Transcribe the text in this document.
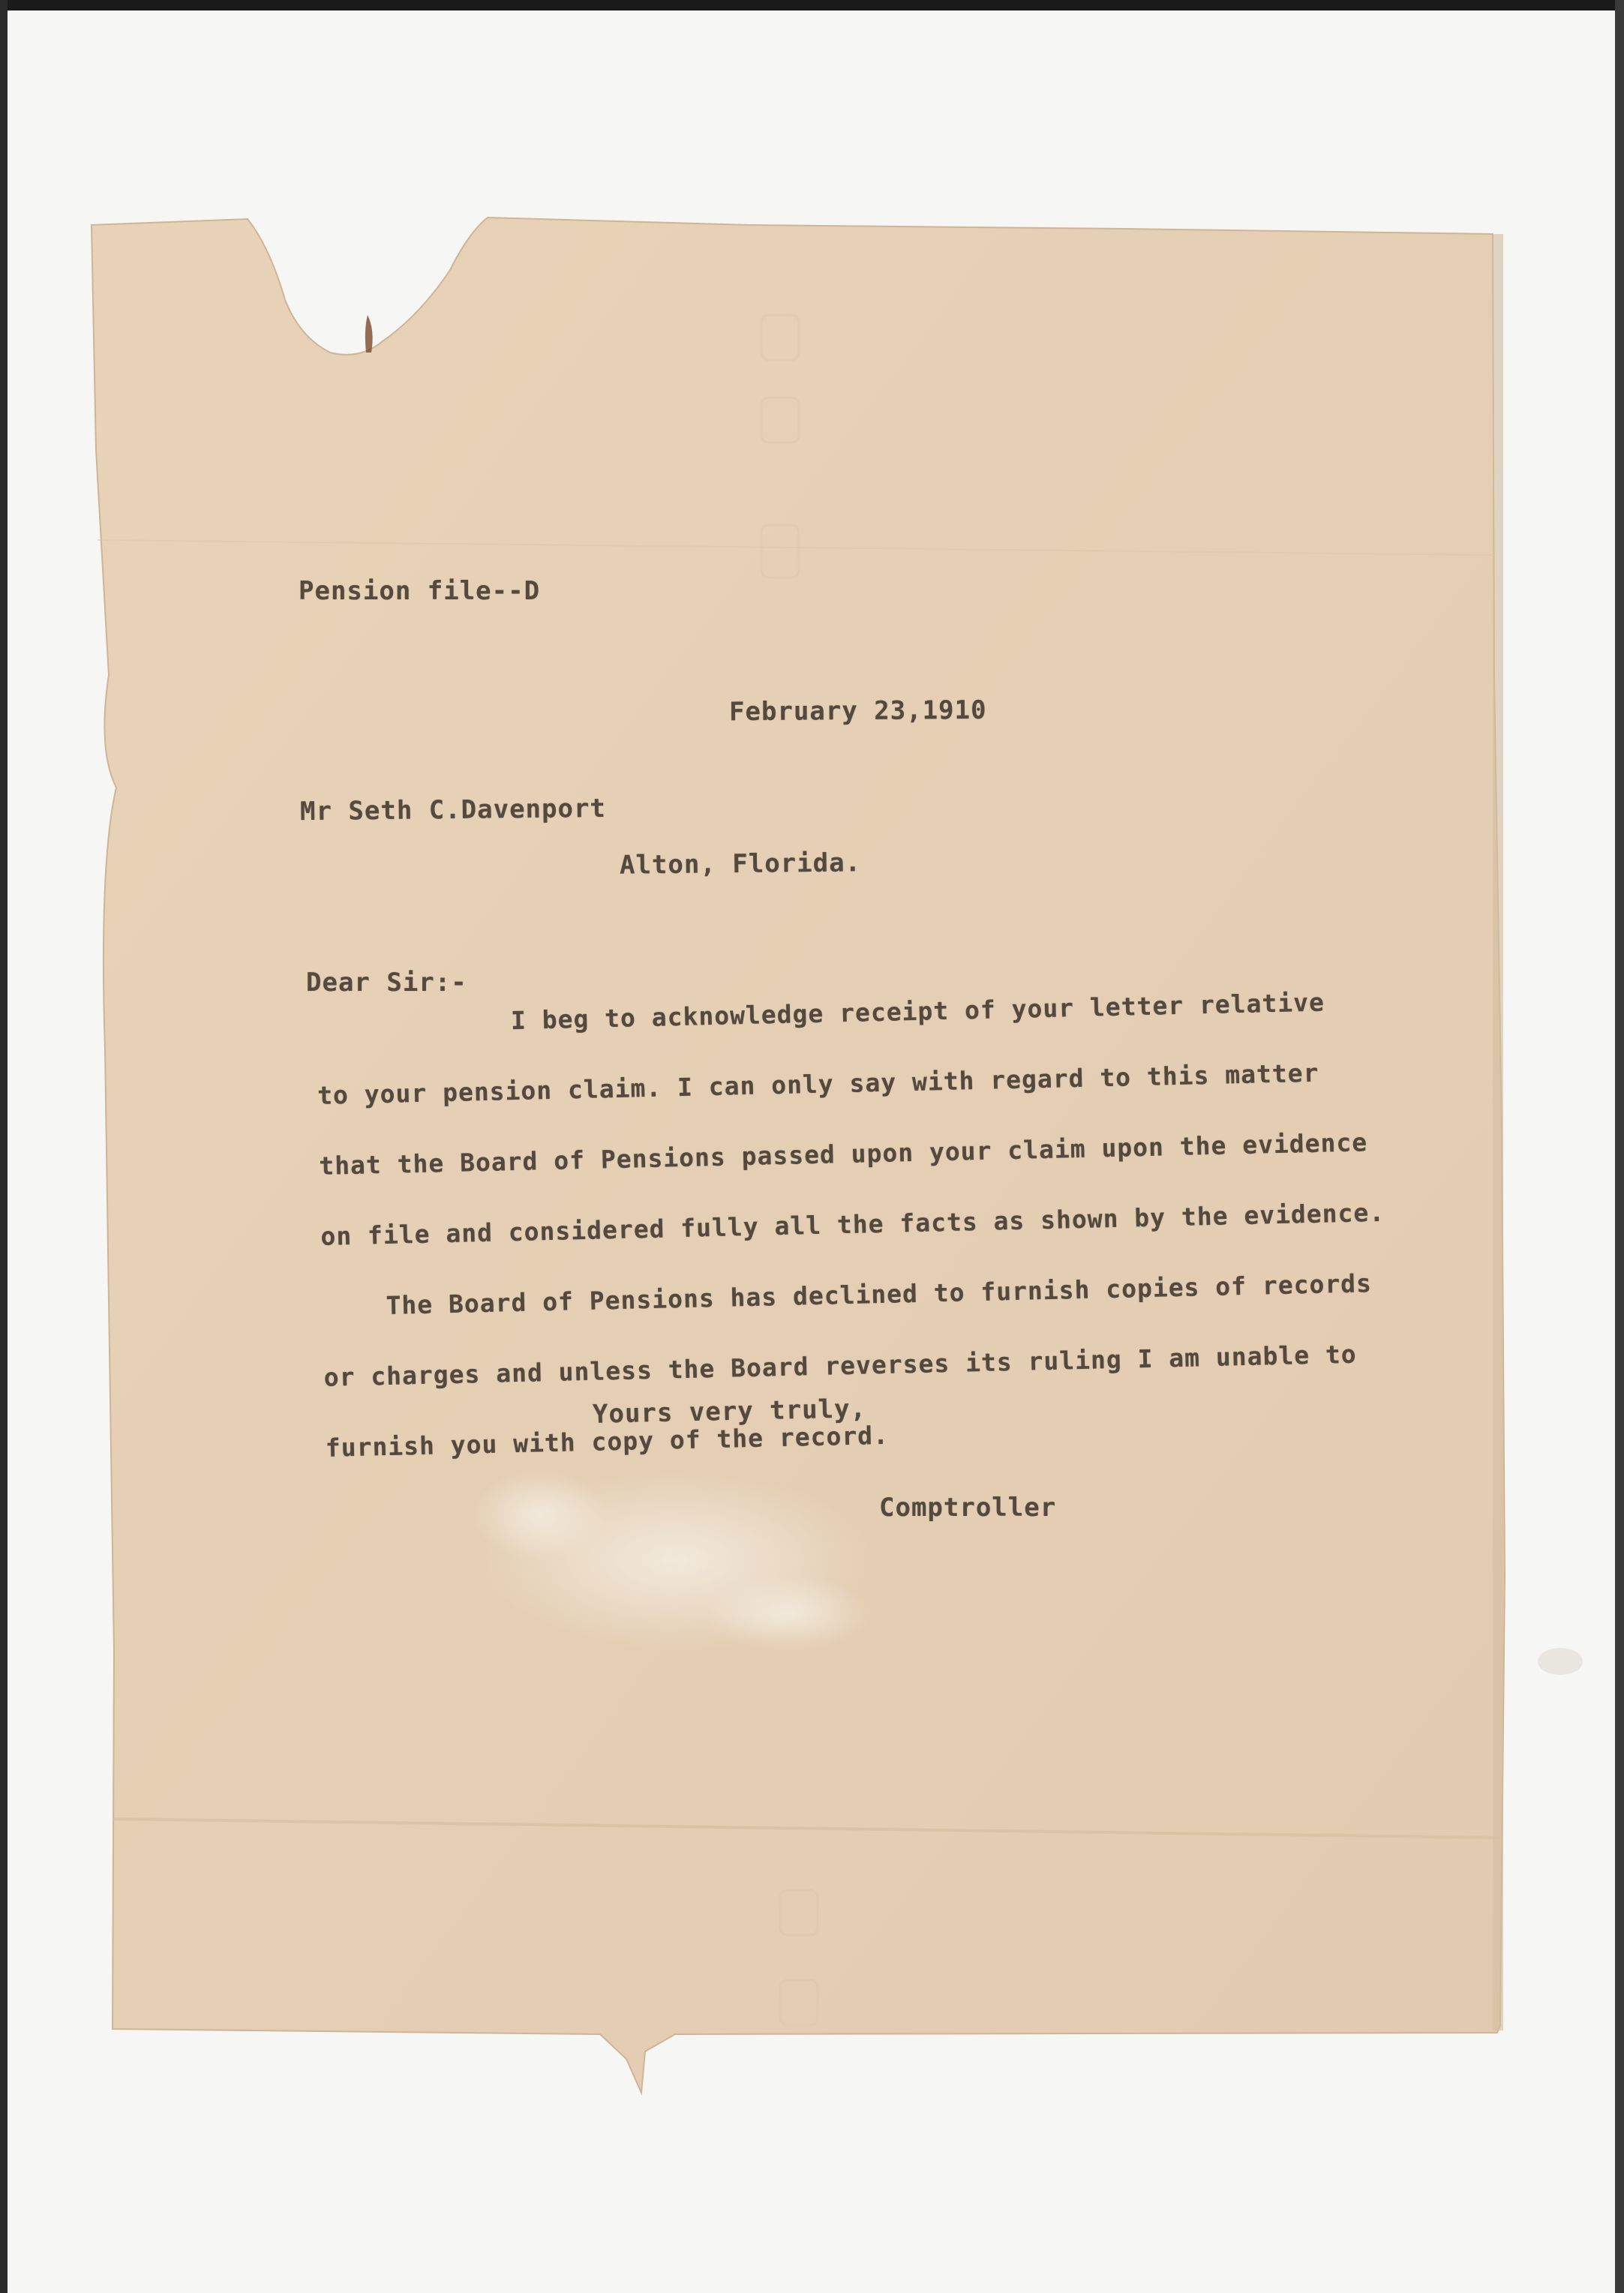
Pension file--D
February 23,1910
Mr Seth C.Davenport
Alton, Florida.
Dear Sir:-
I beg to acknowledge receipt of your letter relative
to your pension claim. I can only say with regard to this matter
that the Board of Pensions passed upon your claim upon the evidence
on file and considered fully all the facts as shown by the evidence.
The Board of Pensions has declined to furnish copies of records
or charges and unless the Board reverses its ruling I am unable to
furnish you with copy of the record.
Yours very truly,
Comptroller
